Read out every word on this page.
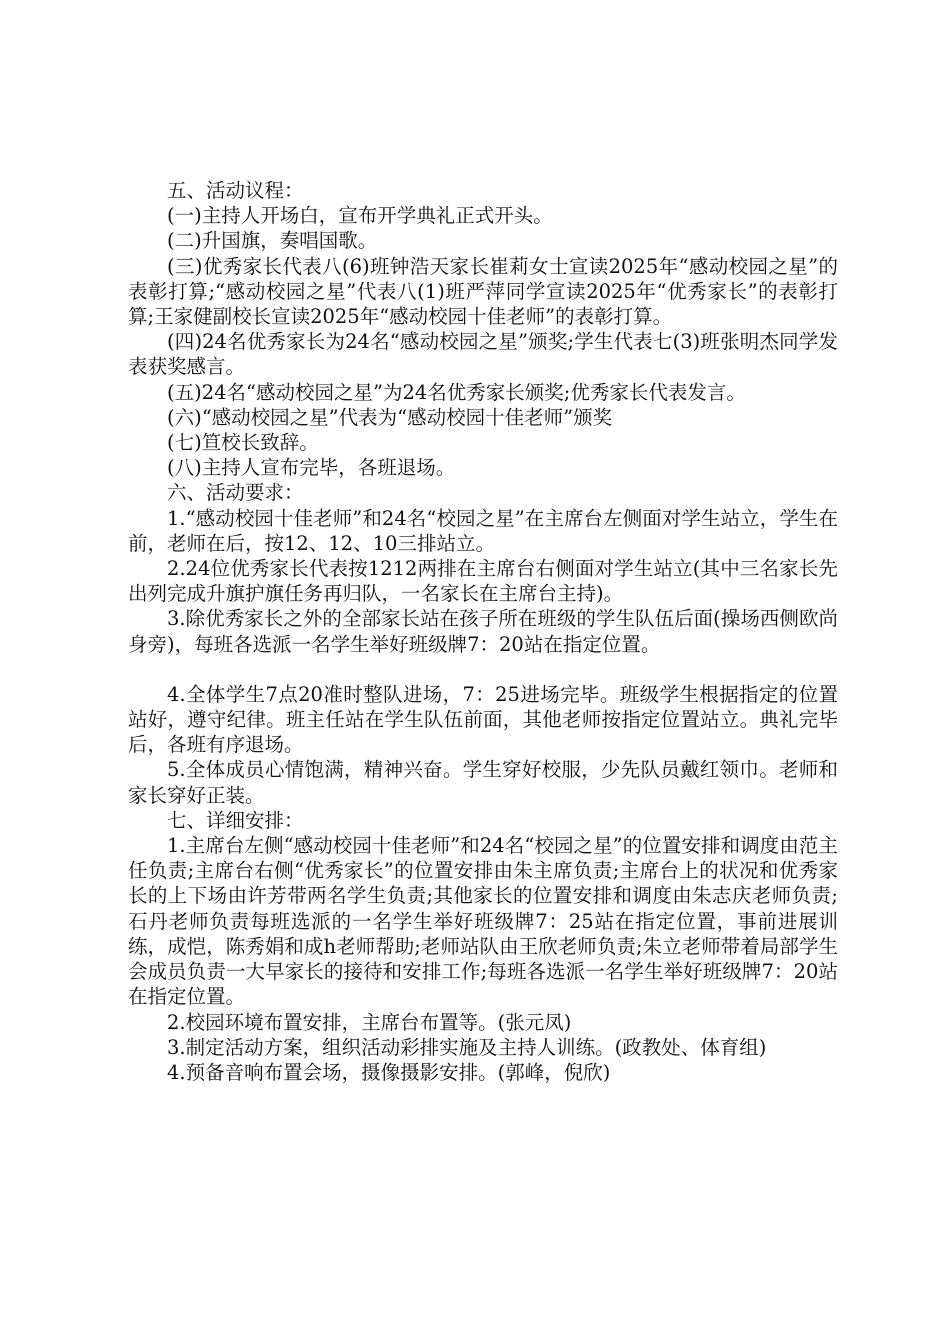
五、活动议程：

(一)主持人开场白，宣布开学典礼正式开头。

(二)升国旗，奏唱国歌。

(三)优秀家长代表八(6)班钟浩天家长崔莉女士宣读2025年“感动校园之星”的表彰打算;“感动校园之星”代表八(1)班严萍同学宣读2025年“优秀家长”的表彰打算;王家健副校长宣读2025年“感动校园十佳老师”的表彰打算。

(四)24名优秀家长为24名“感动校园之星”颁奖;学生代表七(3)班张明杰同学发表获奖感言。

(五)24名“感动校园之星”为24名优秀家长颁奖;优秀家长代表发言。

(六)“感动校园之星”代表为“感动校园十佳老师”颁奖

(七)笪校长致辞。

(八)主持人宣布完毕，各班退场。

六、活动要求：

1.“感动校园十佳老师”和24名“校园之星”在主席台左侧面对学生站立，学生在前，老师在后，按12、12、10三排站立。

2.24位优秀家长代表按1212两排在主席台右侧面对学生站立(其中三名家长先出列完成升旗护旗任务再归队，一名家长在主席台主持)。

3.除优秀家长之外的全部家长站在孩子所在班级的学生队伍后面(操场西侧欧尚身旁)，每班各选派一名学生举好班级牌7：20站在指定位置。

4.全体学生7点20准时整队进场，7：25进场完毕。班级学生根据指定的位置站好，遵守纪律。班主任站在学生队伍前面，其他老师按指定位置站立。典礼完毕后，各班有序退场。

5.全体成员心情饱满，精神兴奋。学生穿好校服，少先队员戴红领巾。老师和家长穿好正装。

七、详细安排：

1.主席台左侧“感动校园十佳老师”和24名“校园之星”的位置安排和调度由范主任负责;主席台右侧“优秀家长”的位置安排由朱主席负责;主席台上的状况和优秀家长的上下场由许芳带两名学生负责;其他家长的位置安排和调度由朱志庆老师负责;石丹老师负责每班选派的一名学生举好班级牌7：25站在指定位置，事前进展训练，成恺，陈秀娟和成h老师帮助;老师站队由王欣老师负责;朱立老师带着局部学生会成员负责一大早家长的接待和安排工作;每班各选派一名学生举好班级牌7：20站在指定位置。

2.校园环境布置安排，主席台布置等。(张元凤)

3.制定活动方案，组织活动彩排实施及主持人训练。(政教处、体育组)

4.预备音响布置会场，摄像摄影安排。(郭峰，倪欣)
